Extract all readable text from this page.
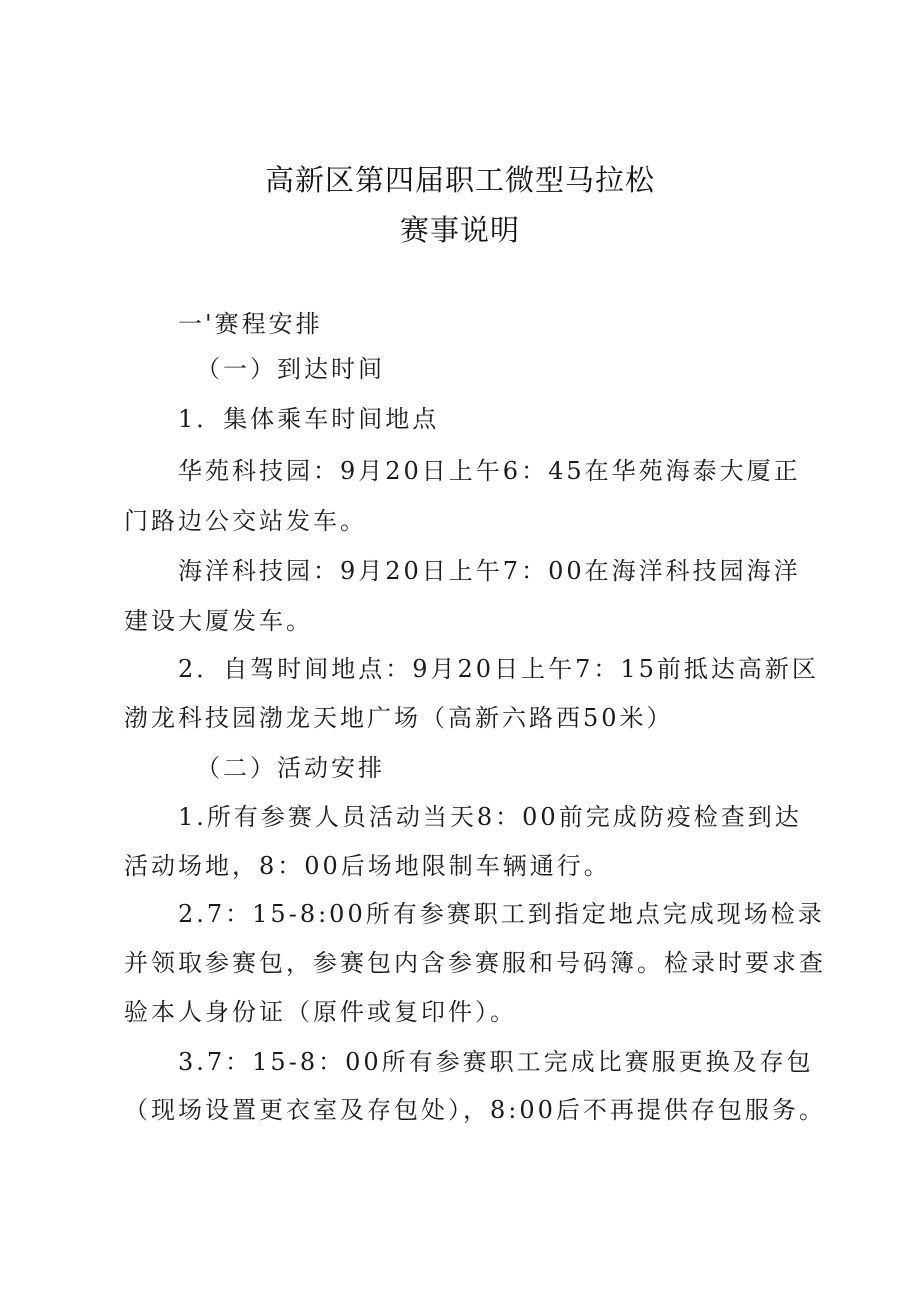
高新区第四届职工微型马拉松
赛事说明
一'赛程安排
（一）到达时间
1．集体乘车时间地点
华苑科技园：9月20日上午6：45在华苑海泰大厦正
门路边公交站发车。
海洋科技园：9月20日上午7：00在海洋科技园海洋
建设大厦发车。
2．自驾时间地点：9月20日上午7：15前抵达高新区
渤龙科技园渤龙天地广场（高新六路西50米）
（二）活动安排
1.所有参赛人员活动当天8：00前完成防疫检查到达
活动场地，8：00后场地限制车辆通行。
2.7：15-8:00所有参赛职工到指定地点完成现场检录
并领取参赛包，参赛包内含参赛服和号码簿。检录时要求查
验本人身份证（原件或复印件）。
3.7：15-8：00所有参赛职工完成比赛服更换及存包
（现场设置更衣室及存包处），8:00后不再提供存包服务。
